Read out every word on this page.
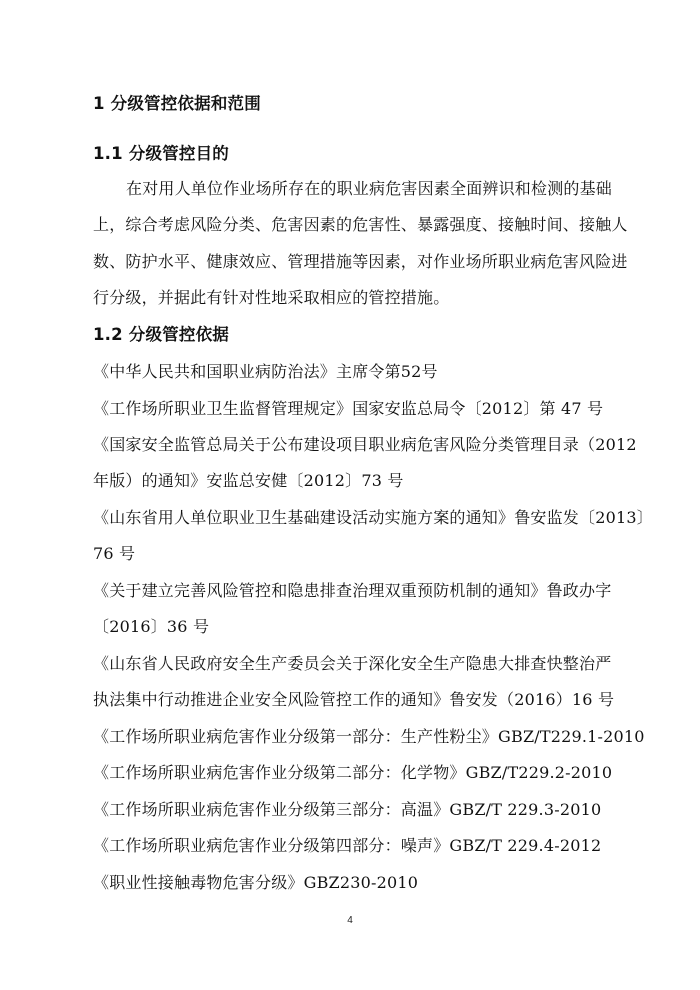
1 分级管控依据和范围
1.1 分级管控目的
在对用人单位作业场所存在的职业病危害因素全面辨识和检测的基础
上，综合考虑风险分类、危害因素的危害性、暴露强度、接触时间、接触人
数、防护水平、健康效应、管理措施等因素，对作业场所职业病危害风险进
行分级，并据此有针对性地采取相应的管控措施。
1.2 分级管控依据
《中华人民共和国职业病防治法》主席令第52号
《工作场所职业卫生监督管理规定》国家安监总局令〔2012〕第 47 号
《国家安全监管总局关于公布建设项目职业病危害风险分类管理目录（2012
年版）的通知》安监总安健〔2012〕73 号
《山东省用人单位职业卫生基础建设活动实施方案的通知》鲁安监发〔2013〕
76 号
《关于建立完善风险管控和隐患排查治理双重预防机制的通知》鲁政办字
〔2016〕36 号
《山东省人民政府安全生产委员会关于深化安全生产隐患大排查快整治严
执法集中行动推进企业安全风险管控工作的通知》鲁安发（2016）16 号
《工作场所职业病危害作业分级第一部分：生产性粉尘》GBZ/T229.1-2010
《工作场所职业病危害作业分级第二部分：化学物》GBZ/T229.2-2010
《工作场所职业病危害作业分级第三部分：高温》GBZ/T 229.3-2010
《工作场所职业病危害作业分级第四部分：噪声》GBZ/T 229.4-2012
《职业性接触毒物危害分级》GBZ230-2010
4
